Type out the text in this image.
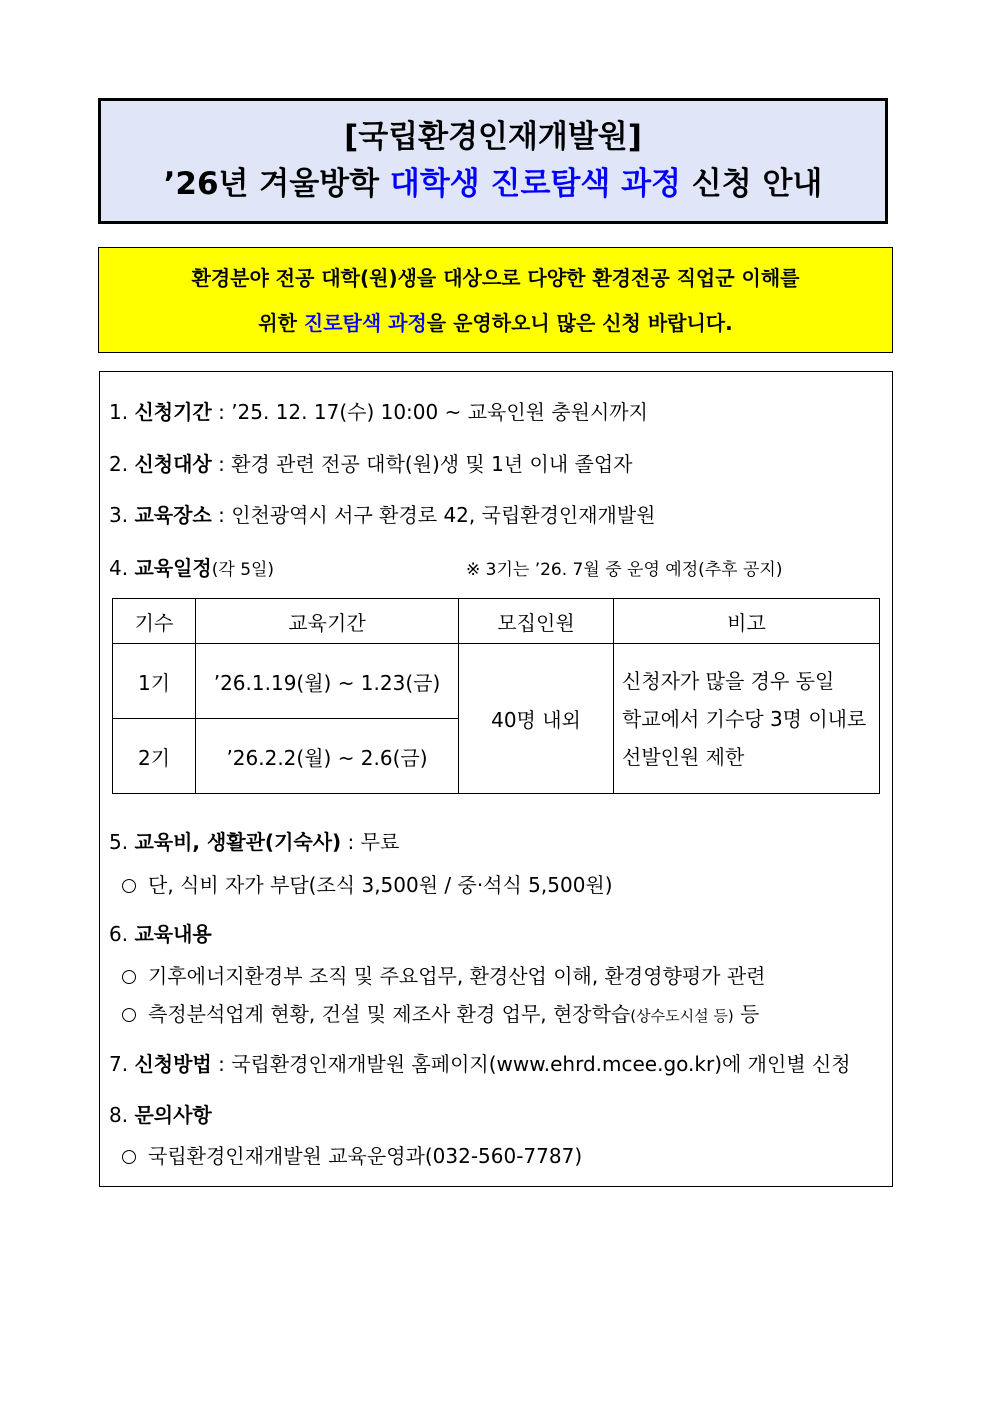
[국립환경인재개발원]
’26년 겨울방학 대학생 진로탐색 과정 신청 안내
환경분야 전공 대학(원)생을 대상으로 다양한 환경전공 직업군 이해를
위한 진로탐색 과정을 운영하오니 많은 신청 바랍니다.
1. 신청기간 : ’25. 12. 17(수) 10:00 ~ 교육인원 충원시까지
2. 신청대상 : 환경 관련 전공 대학(원)생 및 1년 이내 졸업자
3. 교육장소 : 인천광역시 서구 환경로 42, 국립환경인재개발원
4. 교육일정(각 5일)	※ 3기는 ’26. 7월 중 운영 예정(추후 공지)
기수	교육기간	모집인원	비고
1기	’26.1.19(월) ~ 1.23(금)	40명 내외	신청자가 많을 경우 동일
학교에서 기수당 3명 이내로
선발인원 제한

2기	’26.2.2(월) ~ 2.6(금)		
5. 교육비, 생활관(기숙사) : 무료
단, 식비 자가 부담(조식 3,500원 / 중·석식 5,500원)
6. 교육내용
기후에너지환경부 조직 및 주요업무, 환경산업 이해, 환경영향평가 관련
측정분석업계 현황, 건설 및 제조사 환경 업무, 현장학습(상수도시설 등) 등
7. 신청방법 : 국립환경인재개발원 홈페이지(www.ehrd.mcee.go.kr)에 개인별 신청
8. 문의사항
국립환경인재개발원 교육운영과(032-560-7787)
